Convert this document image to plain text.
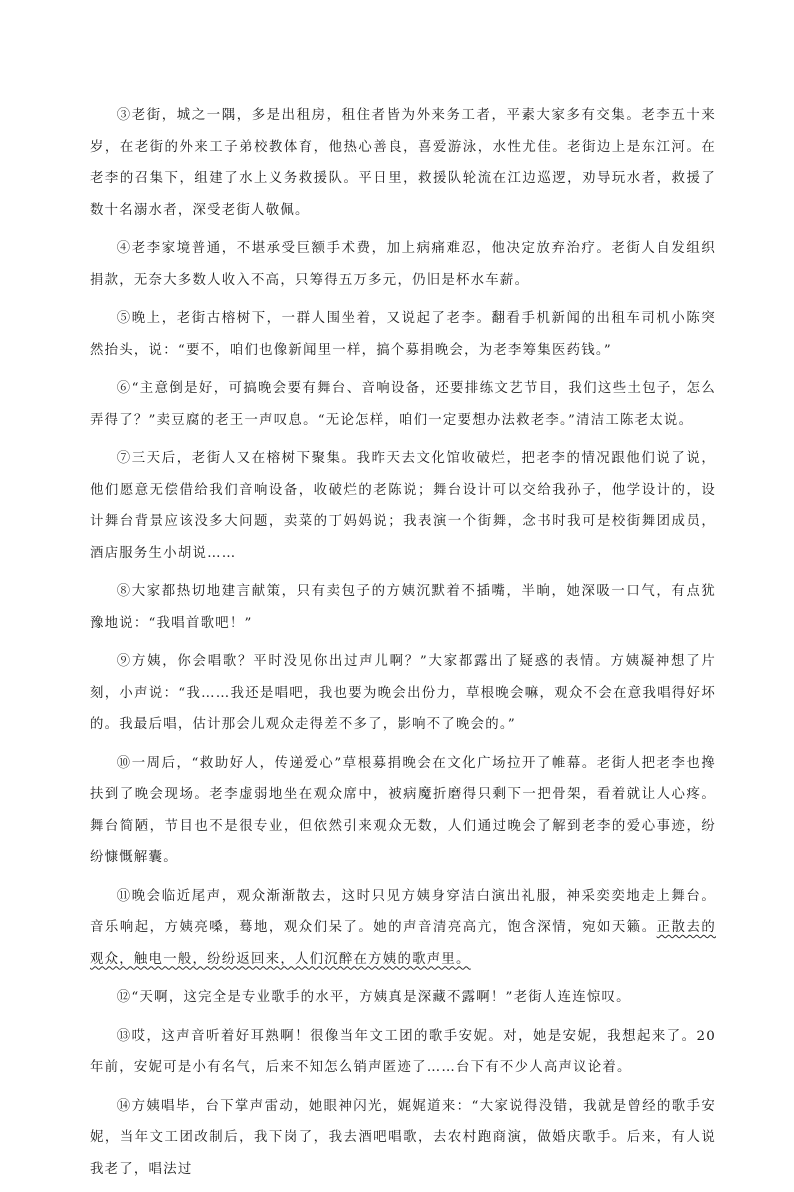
③老街，城之一隅，多是出租房，租住者皆为外来务工者，平素大家多有交集。老李五十来岁，在老街的外来工子弟校教体育，他热心善良，喜爱游泳，水性尤佳。老街边上是东江河。在老李的召集下，组建了水上义务救援队。平日里，救援队轮流在江边巡逻，劝导玩水者，救援了数十名溺水者，深受老街人敬佩。

④老李家境普通，不堪承受巨额手术费，加上病痛难忍，他决定放弃治疗。老街人自发组织捐款，无奈大多数人收入不高，只筹得五万多元，仍旧是杯水车薪。

⑤晚上，老街古榕树下，一群人围坐着，又说起了老李。翻看手机新闻的出租车司机小陈突然抬头，说：“要不，咱们也像新闻里一样，搞个募捐晚会，为老李筹集医药钱。”

⑥“主意倒是好，可搞晚会要有舞台、音响设备，还要排练文艺节目，我们这些土包子，怎么弄得了？”卖豆腐的老王一声叹息。“无论怎样，咱们一定要想办法救老李。”清洁工陈老太说。

⑦三天后，老街人又在榕树下聚集。我昨天去文化馆收破烂，把老李的情况跟他们说了说，他们愿意无偿借给我们音响设备，收破烂的老陈说；舞台设计可以交给我孙子，他学设计的，设计舞台背景应该没多大问题，卖菜的丁妈妈说；我表演一个街舞，念书时我可是校街舞团成员，酒店服务生小胡说……

⑧大家都热切地建言献策，只有卖包子的方姨沉默着不插嘴，半晌，她深吸一口气，有点犹豫地说：“我唱首歌吧！”

⑨方姨，你会唱歌？平时没见你出过声儿啊？”大家都露出了疑惑的表情。方姨凝神想了片刻，小声说：“我……我还是唱吧，我也要为晚会出份力，草根晚会嘛，观众不会在意我唱得好坏的。我最后唱，估计那会儿观众走得差不多了，影响不了晚会的。”

⑩一周后，“救助好人，传递爱心”草根募捐晚会在文化广场拉开了帷幕。老街人把老李也搀扶到了晚会现场。老李虚弱地坐在观众席中，被病魔折磨得只剩下一把骨架，看着就让人心疼。舞台简陋，节目也不是很专业，但依然引来观众无数，人们通过晚会了解到老李的爱心事迹，纷纷慷慨解囊。

⑪晚会临近尾声，观众渐渐散去，这时只见方姨身穿洁白演出礼服，神采奕奕地走上舞台。音乐响起，方姨亮嗓，蓦地，观众们呆了。她的声音清亮高亢，饱含深情，宛如天籁。正散去的观众，触电一般，纷纷返回来，人们沉醉在方姨的歌声里。

⑫“天啊，这完全是专业歌手的水平，方姨真是深藏不露啊！”老街人连连惊叹。

⑬哎，这声音听着好耳熟啊！很像当年文工团的歌手安妮。对，她是安妮，我想起来了。20年前，安妮可是小有名气，后来不知怎么销声匿迹了……台下有不少人高声议论着。

⑭方姨唱毕，台下掌声雷动，她眼神闪光，娓娓道来：“大家说得没错，我就是曾经的歌手安妮，当年文工团改制后，我下岗了，我去酒吧唱歌，去农村跑商演，做婚庆歌手。后来，有人说我老了，唱法过
